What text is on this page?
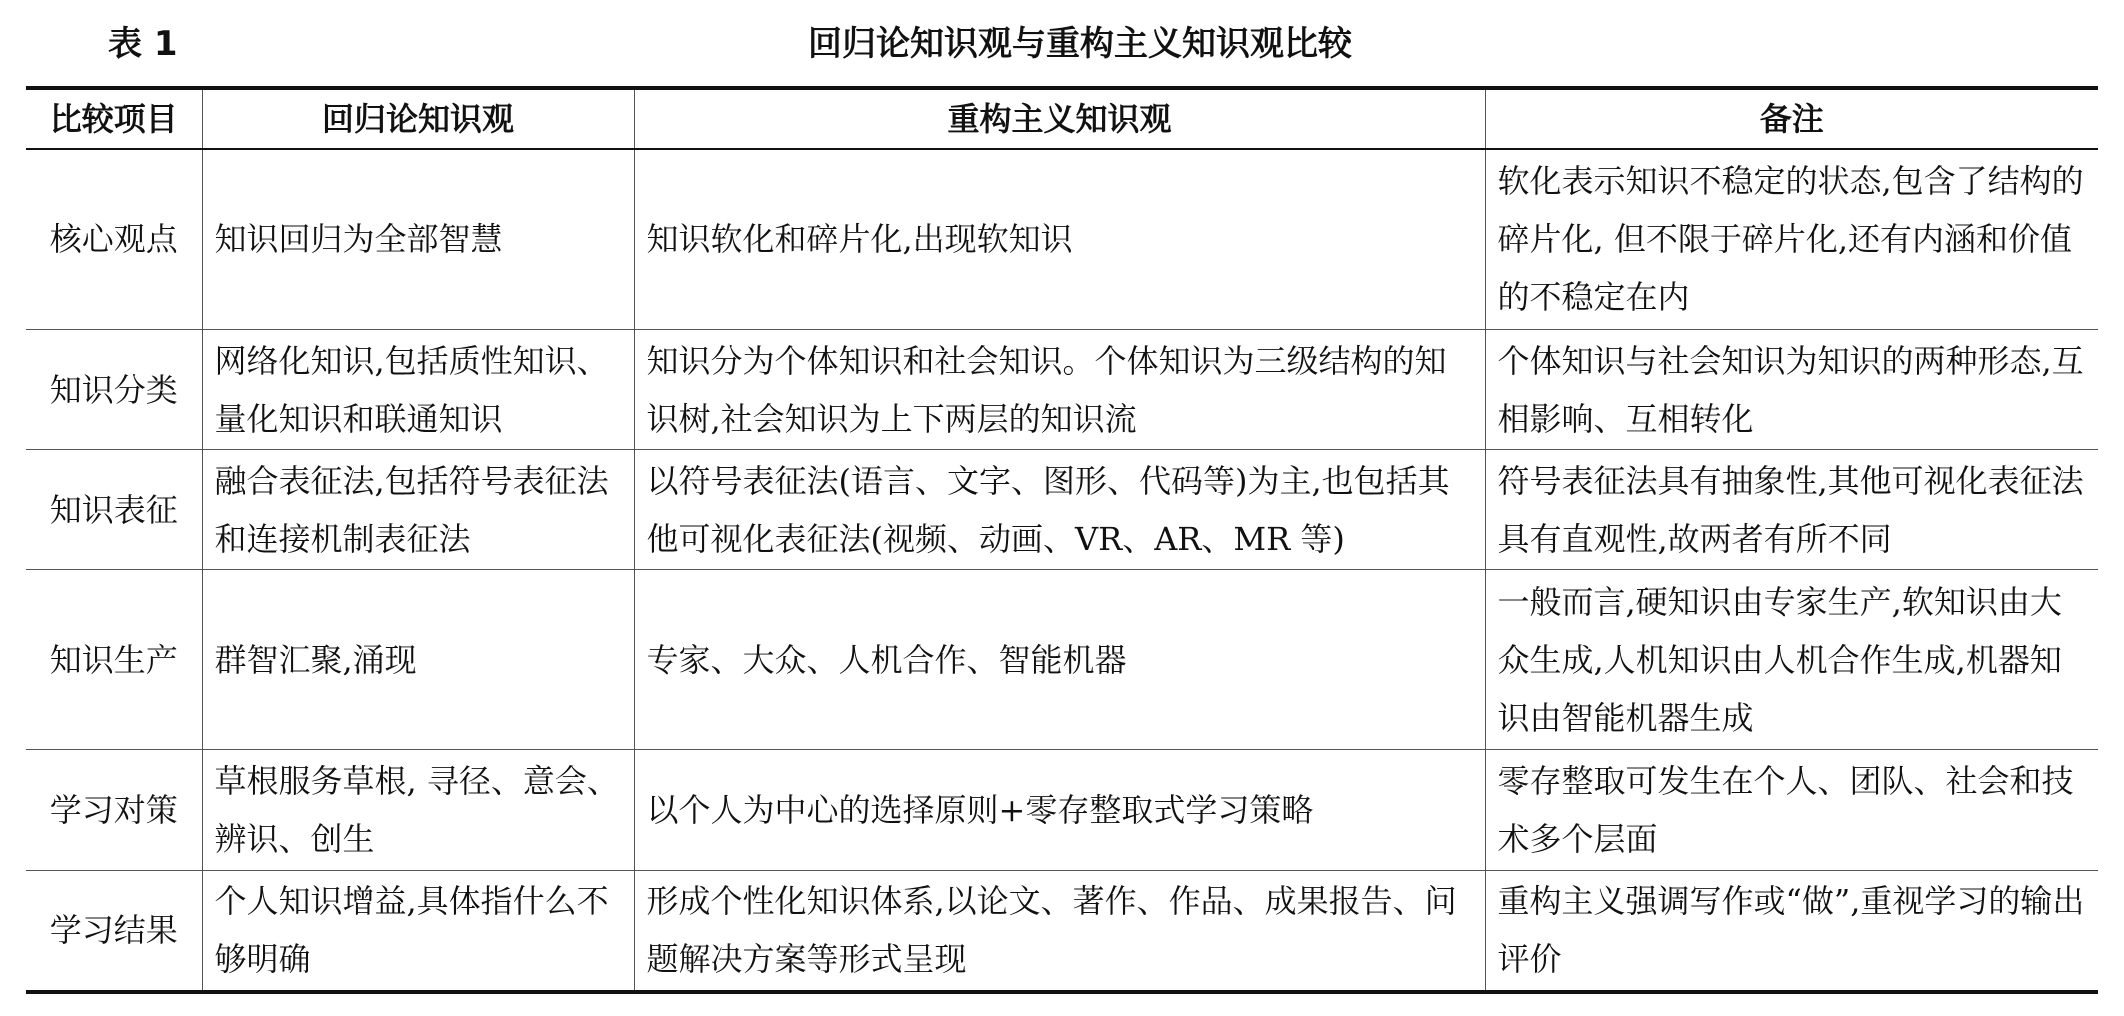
表 1	回归论知识观与重构主义知识观比较
比较项目	回归论知识观	重构主义知识观	备注
核心观点	知识回归为全部智慧	知识软化和碎片化,出现软知识	软化表示知识不稳定的状态,包含了结构的碎片化, 但不限于碎片化,还有内涵和价值的不稳定在内
知识分类	网络化知识,包括质性知识、量化知识和联通知识	知识分为个体知识和社会知识。个体知识为三级结构的知识树,社会知识为上下两层的知识流	个体知识与社会知识为知识的两种形态,互相影响、互相转化
知识表征	融合表征法,包括符号表征法和连接机制表征法	以符号表征法(语言、文字、图形、代码等)为主,也包括其他可视化表征法(视频、动画、VR、AR、MR 等)	符号表征法具有抽象性,其他可视化表征法具有直观性,故两者有所不同
知识生产	群智汇聚,涌现	专家、大众、人机合作、智能机器	一般而言,硬知识由专家生产,软知识由大众生成,人机知识由人机合作生成,机器知识由智能机器生成
学习对策	草根服务草根, 寻径、意会、辨识、创生	以个人为中心的选择原则+零存整取式学习策略	零存整取可发生在个人、团队、社会和技术多个层面
学习结果	个人知识增益,具体指什么不够明确	形成个性化知识体系,以论文、著作、作品、成果报告、问题解决方案等形式呈现	重构主义强调写作或“做”,重视学习的输出评价
